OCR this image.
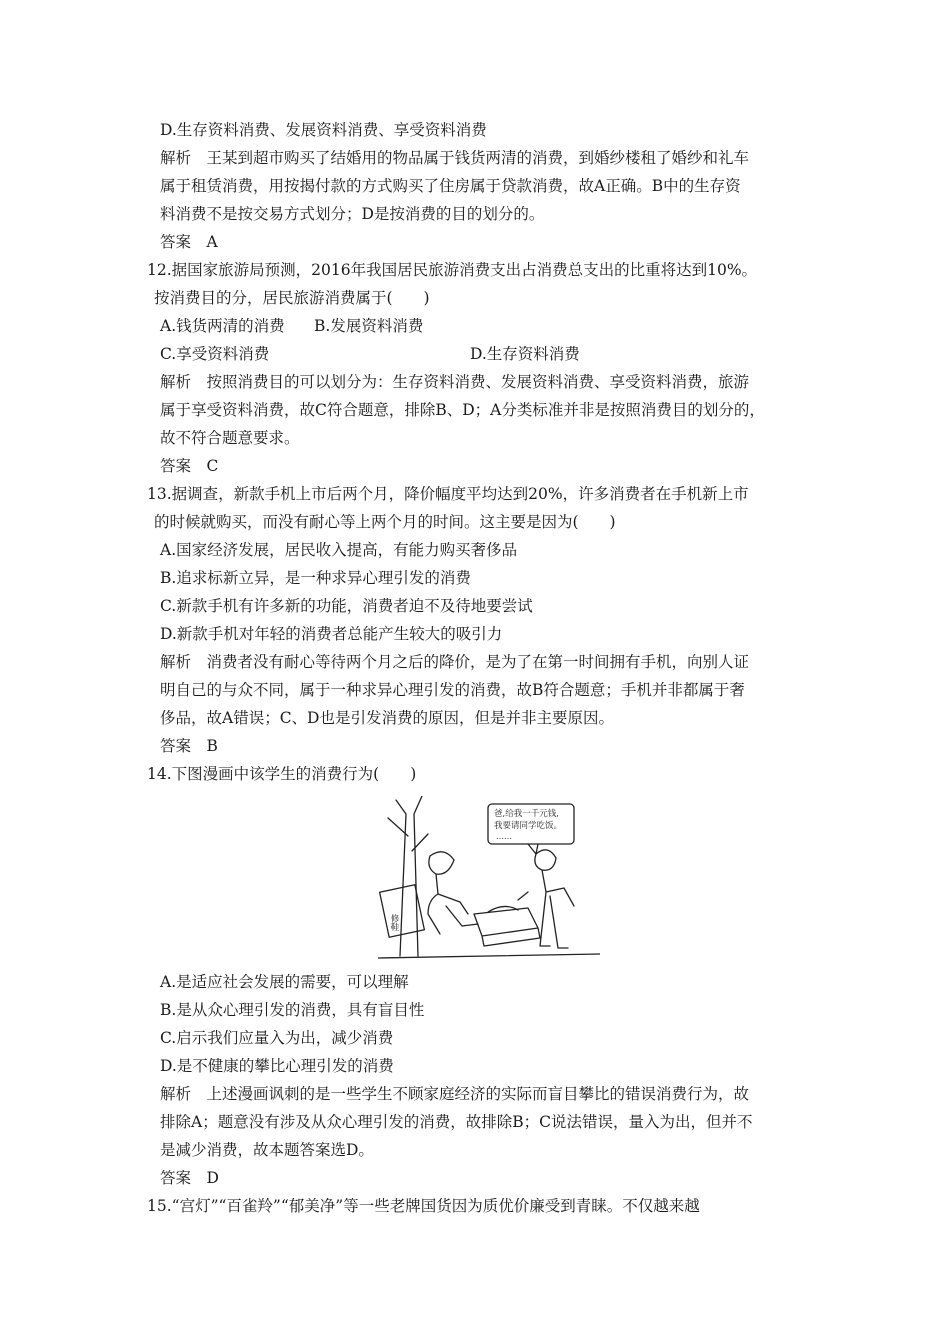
D.生存资料消费、发展资料消费、享受资料消费
解析　王某到超市购买了结婚用的物品属于钱货两清的消费，到婚纱楼租了婚纱和礼车
属于租赁消费，用按揭付款的方式购买了住房属于贷款消费，故A正确。B中的生存资
料消费不是按交易方式划分；D是按消费的目的划分的。
答案　A
12.据国家旅游局预测，2016年我国居民旅游消费支出占消费总支出的比重将达到10%。
按消费目的分，居民旅游消费属于(　　)
A.钱货两清的消费 B.发展资料消费
C.享受资料消费	D.生存资料消费
解析　按照消费目的可以划分为：生存资料消费、发展资料消费、享受资料消费，旅游
属于享受资料消费，故C符合题意，排除B、D；A分类标准并非是按照消费目的划分的，
故不符合题意要求。
答案　C
13.据调查，新款手机上市后两个月，降价幅度平均达到20%，许多消费者在手机新上市
的时候就购买，而没有耐心等上两个月的时间。这主要是因为(　　)
A.国家经济发展，居民收入提高，有能力购买奢侈品
B.追求标新立异，是一种求异心理引发的消费
C.新款手机有许多新的功能，消费者迫不及待地要尝试
D.新款手机对年轻的消费者总能产生较大的吸引力
解析　消费者没有耐心等待两个月之后的降价，是为了在第一时间拥有手机，向别人证
明自己的与众不同，属于一种求异心理引发的消费，故B符合题意；手机并非都属于奢
侈品，故A错误；C、D也是引发消费的原因，但是并非主要原因。
答案　B
14.下图漫画中该学生的消费行为(　　)
爸,给我一千元钱,
我要请同学吃饭。
……
修鞋
A.是适应社会发展的需要，可以理解
B.是从众心理引发的消费，具有盲目性
C.启示我们应量入为出，减少消费
D.是不健康的攀比心理引发的消费
解析　上述漫画讽刺的是一些学生不顾家庭经济的实际而盲目攀比的错误消费行为，故
排除A；题意没有涉及从众心理引发的消费，故排除B；C说法错误，量入为出，但并不
是减少消费，故本题答案选D。
答案　D
15.“宫灯”“百雀羚”“郁美净”等一些老牌国货因为质优价廉受到青睐。不仅越来越
